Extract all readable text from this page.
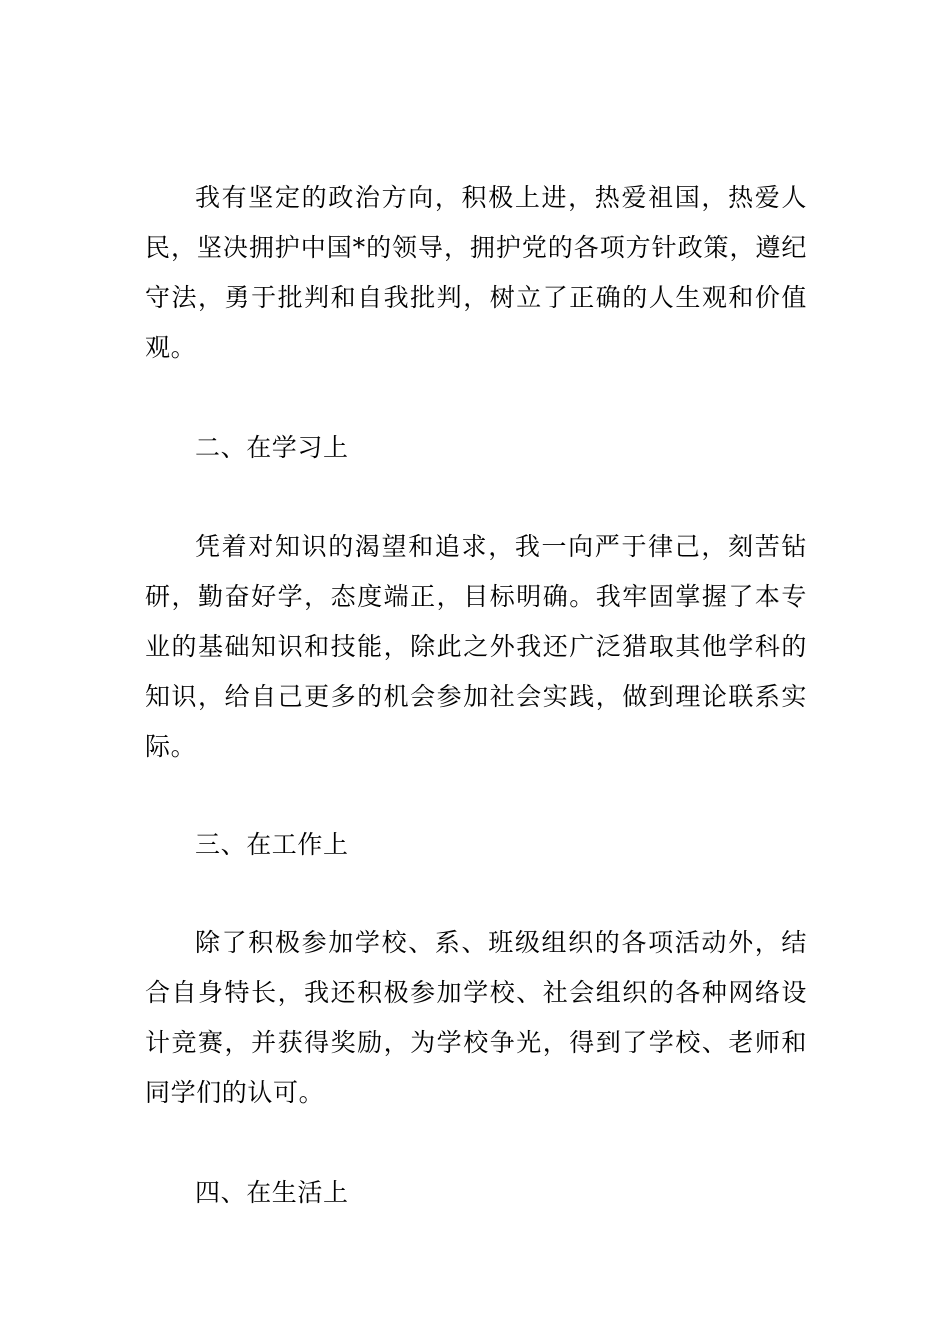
我有坚定的政治方向，积极上进，热爱祖国，热爱人民，坚决拥护中国*的领导，拥护党的各项方针政策，遵纪守法，勇于批判和自我批判，树立了正确的人生观和价值观。

二、在学习上

凭着对知识的渴望和追求，我一向严于律己，刻苦钻研，勤奋好学，态度端正，目标明确。我牢固掌握了本专业的基础知识和技能，除此之外我还广泛猎取其他学科的知识，给自己更多的机会参加社会实践，做到理论联系实际。

三、在工作上

除了积极参加学校、系、班级组织的各项活动外，结合自身特长，我还积极参加学校、社会组织的各种网络设计竞赛，并获得奖励，为学校争光，得到了学校、老师和同学们的认可。

四、在生活上
